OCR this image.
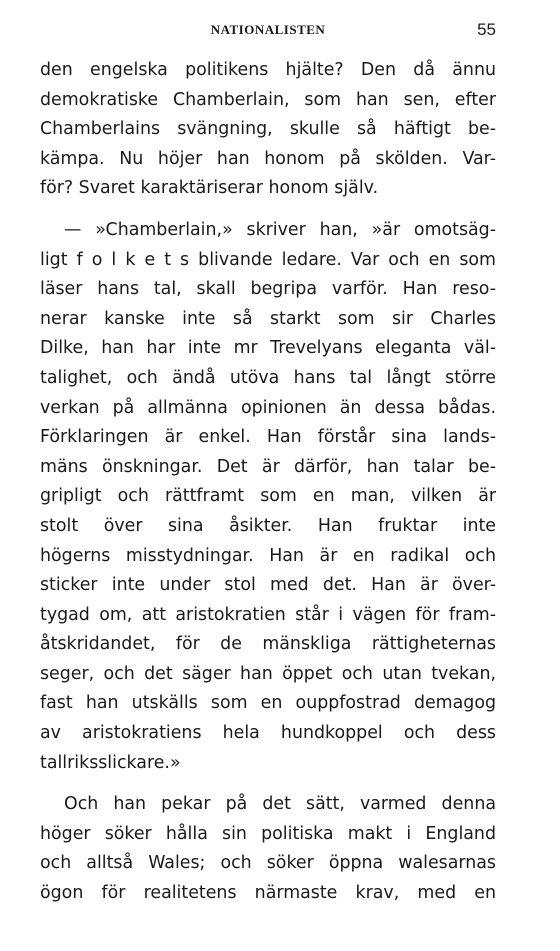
NATIONALISTEN	55
den engelska politikens hjälte? Den då ännu
demokratiske Chamberlain, som han sen, efter
Chamberlains svängning, skulle så häftigt be-
kämpa. Nu höjer han honom på skölden. Var-
för? Svaret karaktäriserar honom själv.
— »Chamberlain,» skriver han, »är omotsäg-
ligt f o l k e t s blivande ledare. Var och en som
läser hans tal, skall begripa varför. Han reso-
nerar kanske inte så starkt som sir Charles
Dilke, han har inte mr Trevelyans eleganta väl-
talighet, och ändå utöva hans tal långt större
verkan på allmänna opinionen än dessa bådas.
Förklaringen är enkel. Han förstår sina lands-
mäns önskningar. Det är därför, han talar be-
gripligt och rättframt som en man, vilken är
stolt över sina åsikter. Han fruktar inte
högerns misstydningar. Han är en radikal och
sticker inte under stol med det. Han är över-
tygad om, att aristokratien står i vägen för fram-
åtskridandet, för de mänskliga rättigheternas
seger, och det säger han öppet och utan tvekan,
fast han utskälls som en ouppfostrad demagog
av aristokratiens hela hundkoppel och dess
tallriksslickare.»
Och han pekar på det sätt, varmed denna
höger söker hålla sin politiska makt i England
och alltså Wales; och söker öppna walesarnas
ögon för realitetens närmaste krav, med en
